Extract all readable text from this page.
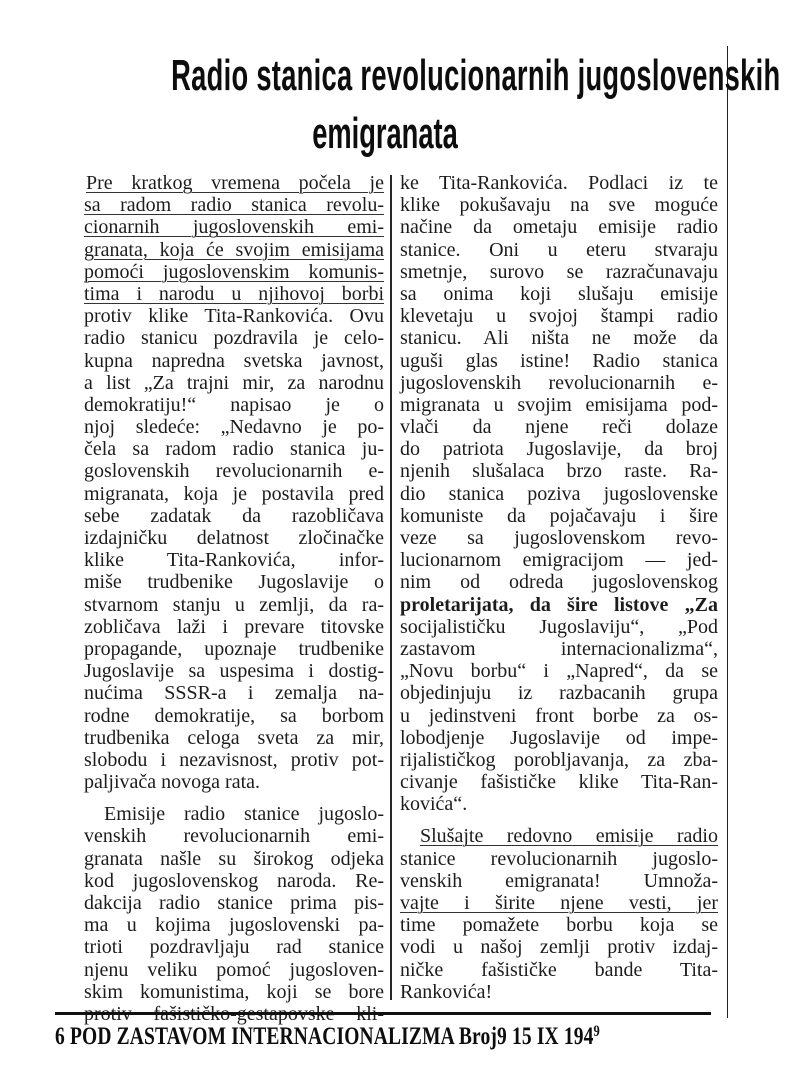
Radio stanica revolucionarnih jugoslovenskih
emigranata
Pre kratkog vremena počela je
sa radom radio stanica revolu-
cionarnih jugoslovenskih emi-
granata, koja će svojim emisijama
pomoći jugoslovenskim komunis-
tima i narodu u njihovoj borbi
protiv klike Tita-Rankovića. Ovu
radio stanicu pozdravila je celo-
kupna napredna svetska javnost,
a list „Za trajni mir, za narodnu
demokratiju!“ napisao je o
njoj sledeće: „Nedavno je po-
čela sa radom radio stanica ju-
goslovenskih revolucionarnih e-
migranata, koja je postavila pred
sebe zadatak da razobličava
izdajničku delatnost zločinačke
klike Tita-Rankovića, infor-
miše trudbenike Jugoslavije o
stvarnom stanju u zemlji, da ra-
zobličava laži i prevare titovske
propagande, upoznaje trudbenike
Jugoslavije sa uspesima i dostig-
nućima SSSR-a i zemalja na-
rodne demokratije, sa borbom
trudbenika celoga sveta za mir,
slobodu i nezavisnost, protiv pot-
paljivača novoga rata.
Emisije radio stanice jugoslo-
venskih revolucionarnih emi-
granata našle su širokog odjeka
kod jugoslovenskog naroda. Re-
dakcija radio stanice prima pis-
ma u kojima jugoslovenski pa-
trioti pozdravljaju rad stanice
njenu veliku pomoć jugosloven-
skim komunistima, koji se bore
ke Tita-Rankovića. Podlaci iz te
klike pokušavaju na sve moguće
načine da ometaju emisije radio
stanice. Oni u eteru stvaraju
smetnje, surovo se razračunavaju
sa onima koji slušaju emisije
klevetaju u svojoj štampi radio
stanicu. Ali ništa ne može da
uguši glas istine! Radio stanica
jugoslovenskih revolucionarnih e-
migranata u svojim emisijama pod-
vlači da njene reči dolaze
do patriota Jugoslavije, da broj
njenih slušalaca brzo raste. Ra-
dio stanica poziva jugoslovenske
komuniste da pojačavaju i šire
veze sa jugoslovenskom revo-
lucionarnom emigracijom — jed-
nim od odreda jugoslovenskog
proletarijata, da šire listove „Za
socijalističku Jugoslaviju“, „Pod
zastavom internacionalizma“,
„Novu borbu“ i „Napred“, da se
objedinjuju iz razbacanih grupa
u jedinstveni front borbe za os-
lobodjenje Jugoslavije od impe-
rijalističkog porobljavanja, za zba-
civanje fašističke klike Tita-Ran-
kovića“.
Slušajte redovno emisije radio
stanice revolucionarnih jugoslo-
venskih emigranata! Umnoža-
vajte i širite njene vesti, jer
time pomažete borbu koja se
vodi u našoj zemlji protiv izdaj-
ničke fašističke bande Tita-
Rankovića!
6 POD ZASTAVOM INTERNACIONALIZMA Broj9 15 IX $194^9$
